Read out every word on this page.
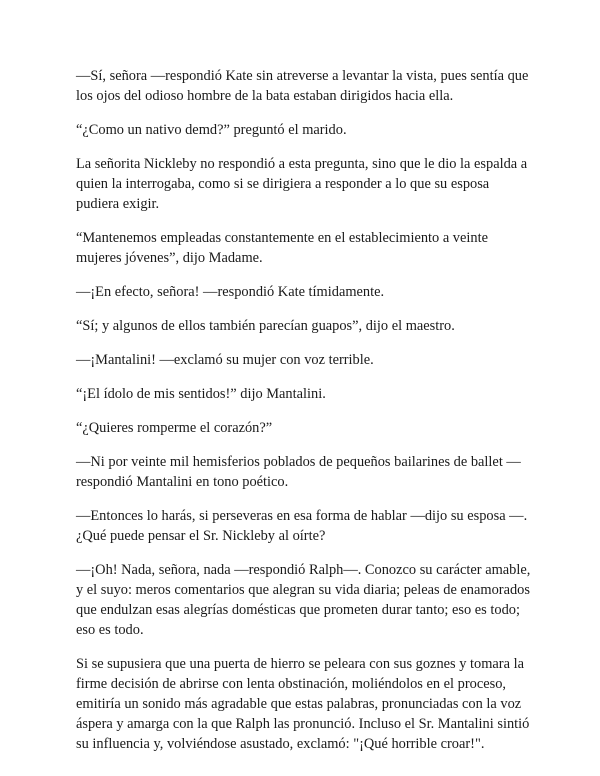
—Sí, señora —respondió Kate sin atreverse a levantar la vista, pues sentía que los ojos del odioso hombre de la bata estaban dirigidos hacia ella.

“¿Como un nativo demd?” preguntó el marido.

La señorita Nickleby no respondió a esta pregunta, sino que le dio la espalda a quien la interrogaba, como si se dirigiera a responder a lo que su esposa pudiera exigir.

“Mantenemos empleadas constantemente en el establecimiento a veinte mujeres jóvenes”, dijo Madame.

—¡En efecto, señora! —respondió Kate tímidamente.

“Sí; y algunos de ellos también parecían guapos”, dijo el maestro.

—¡Mantalini! —exclamó su mujer con voz terrible.

“¡El ídolo de mis sentidos!” dijo Mantalini.

“¿Quieres romperme el corazón?”

—Ni por veinte mil hemisferios poblados de pequeños bailarines de ballet —respondió Mantalini en tono poético.

—Entonces lo harás, si perseveras en esa forma de hablar —dijo su esposa —. ¿Qué puede pensar el Sr. Nickleby al oírte?

—¡Oh! Nada, señora, nada —respondió Ralph—. Conozco su carácter amable, y el suyo: meros comentarios que alegran su vida diaria; peleas de enamorados que endulzan esas alegrías domésticas que prometen durar tanto; eso es todo; eso es todo.

Si se supusiera que una puerta de hierro se peleara con sus goznes y tomara la firme decisión de abrirse con lenta obstinación, moliéndolos en el proceso, emitiría un sonido más agradable que estas palabras, pronunciadas con la voz áspera y amarga con la que Ralph las pronunció. Incluso el Sr. Mantalini sintió su influencia y, volviéndose asustado, exclamó: "¡Qué horrible croar!".
